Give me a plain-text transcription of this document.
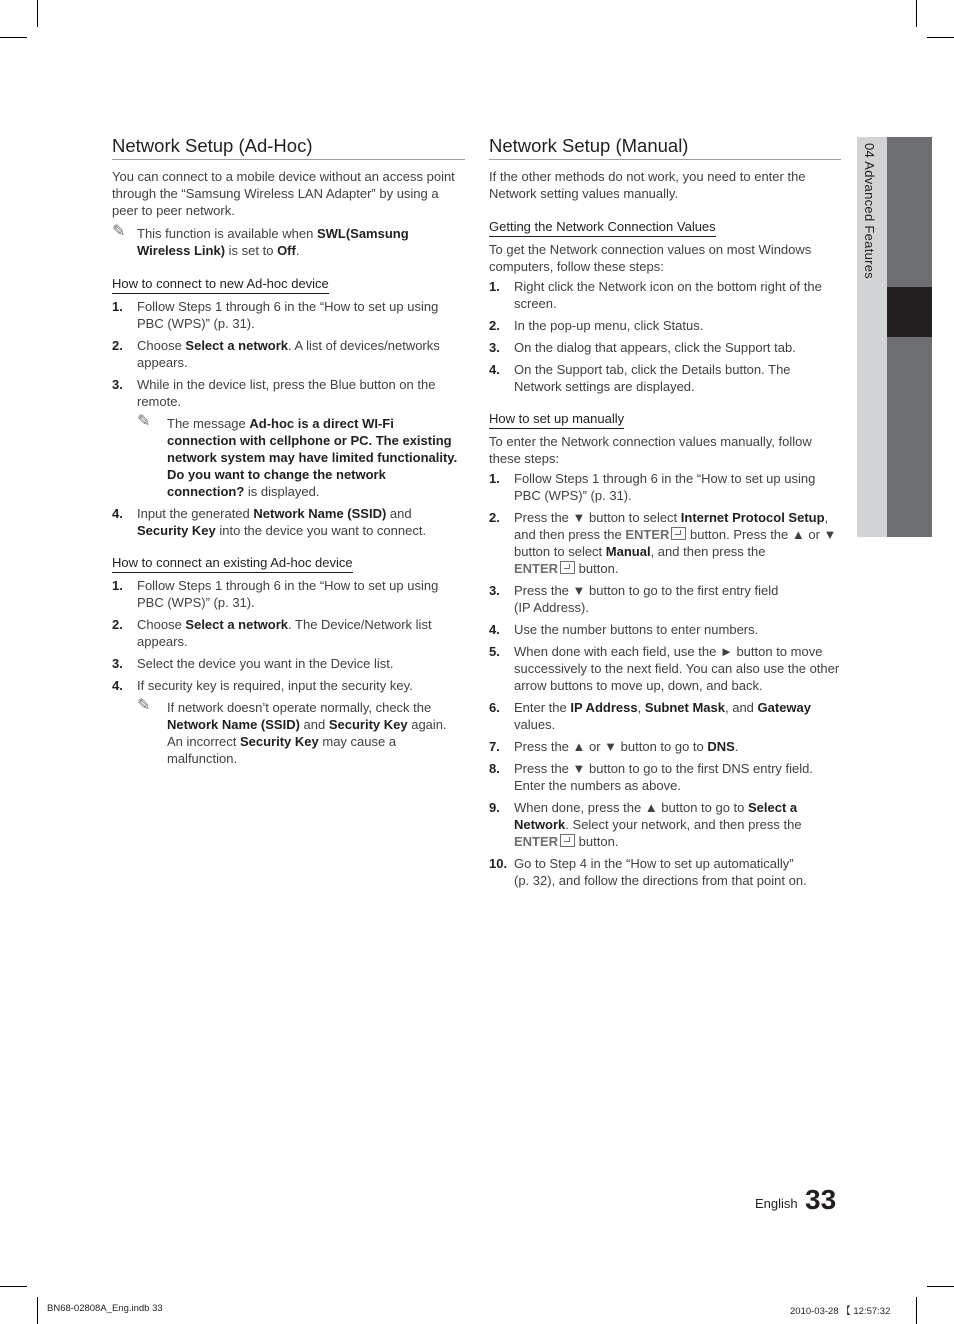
04 Advanced Features
Network Setup (Ad-Hoc)

You can connect to a mobile device without an access point through the “Samsung Wireless LAN Adapter” by using a peer to peer network.

✎ This function is available when SWL(Samsung Wireless Link) is set to Off.
How to connect to new Ad-hoc device
1. Follow Steps 1 through 6 in the “How to set up using PBC (WPS)” (p. 31).
2. Choose Select a network. A list of devices/networks appears.
3. While in the device list, press the Blue button on the remote.
✎ The message Ad-hoc is a direct WI-Fi connection with cellphone or PC. The existing network system may have limited functionality. Do you want to change the network connection? is displayed.
4. Input the generated Network Name (SSID) and Security Key into the device you want to connect.
How to connect an existing Ad-hoc device
1. Follow Steps 1 through 6 in the “How to set up using PBC (WPS)” (p. 31).
2. Choose Select a network. The Device/Network list appears.
3. Select the device you want in the Device list.
4. If security key is required, input the security key.
✎ If network doesn’t operate normally, check the Network Name (SSID) and Security Key again. An incorrect Security Key may cause a malfunction.
Network Setup (Manual)

If the other methods do not work, you need to enter the Network setting values manually.

Getting the Network Connection Values

To get the Network connection values on most Windows computers, follow these steps:

1. Right click the Network icon on the bottom right of the screen.
2. In the pop-up menu, click Status.
3. On the dialog that appears, click the Support tab.
4. On the Support tab, click the Details button. The Network settings are displayed.
How to set up manually

To enter the Network connection values manually, follow these steps:

1. Follow Steps 1 through 6 in the “How to set up using PBC (WPS)” (p. 31).
2. Press the ▼ button to select Internet Protocol Setup, and then press the ENTER button. Press the ▲ or ▼ button to select Manual, and then press the
ENTER button.
3. Press the ▼ button to go to the first entry field
(IP Address).
4. Use the number buttons to enter numbers.
5. When done with each field, use the ► button to move successively to the next field. You can also use the other arrow buttons to move up, down, and back.
6. Enter the IP Address, Subnet Mask, and Gateway values.
7. Press the ▲ or ▼ button to go to DNS.
8. Press the ▼ button to go to the first DNS entry field. Enter the numbers as above.
9. When done, press the ▲ button to go to Select a Network. Select your network, and then press the
ENTER button.
10. Go to Step 4 in the “How to set up automatically”
(p. 32), and follow the directions from that point on.
English 33
BN68-02808A_Eng.indb 33	2010-03-28 【 12:57:32
